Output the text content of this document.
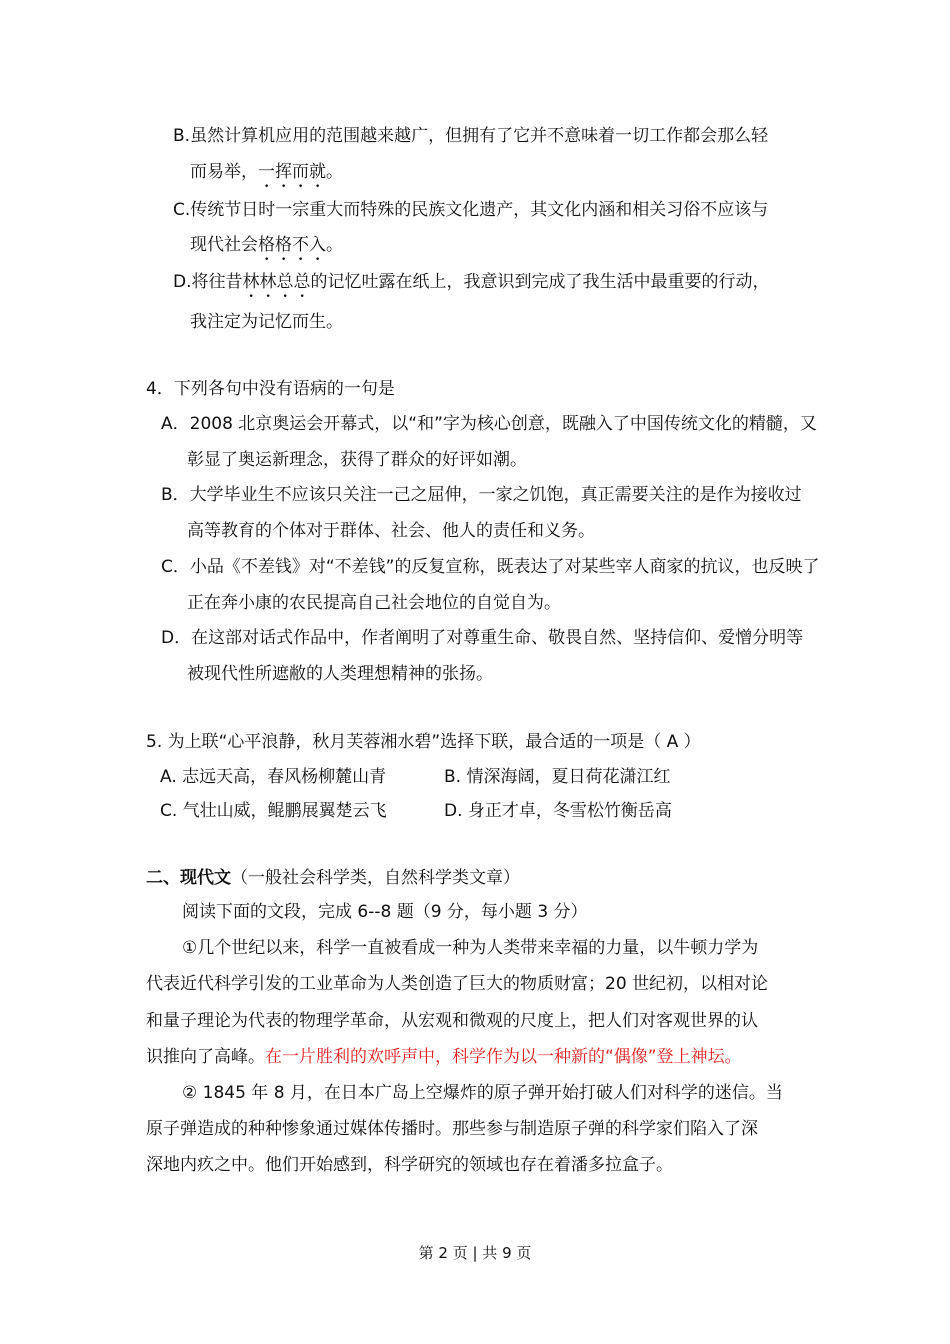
B.虽然计算机应用的范围越来越广，但拥有了它并不意味着一切工作都会那么轻
而易举，一挥而就。
C.传统节日时一宗重大而特殊的民族文化遗产，其文化内涵和相关习俗不应该与
现代社会格格不入。
D.将往昔林林总总的记忆吐露在纸上，我意识到完成了我生活中最重要的行动，
我注定为记忆而生。
4．下列各句中没有语病的一句是
A．2008 北京奥运会开幕式，以“和”字为核心创意，既融入了中国传统文化的精髓，又
彰显了奥运新理念，获得了群众的好评如潮。
B．大学毕业生不应该只关注一己之屈伸，一家之饥饱，真正需要关注的是作为接收过
高等教育的个体对于群体、社会、他人的责任和义务。
C．小品《不差钱》对“不差钱”的反复宣称，既表达了对某些宰人商家的抗议，也反映了
正在奔小康的农民提高自己社会地位的自觉自为。
D．在这部对话式作品中，作者阐明了对尊重生命、敬畏自然、坚持信仰、爱憎分明等
被现代性所遮敝的人类理想精神的张扬。
5. 为上联“心平浪静，秋月芙蓉湘水碧”选择下联，最合适的一项是（ A ）
A. 志远天高，春风杨柳麓山青	B. 情深海阔，夏日荷花潇江红
C. 气壮山威，鲲鹏展翼楚云飞	D. 身正才卓，冬雪松竹衡岳高
二、现代文（一般社会科学类，自然科学类文章）
阅读下面的文段，完成 6--8 题（9 分，每小题 3 分）
①几个世纪以来，科学一直被看成一种为人类带来幸福的力量，以牛顿力学为
代表近代科学引发的工业革命为人类创造了巨大的物质财富；20 世纪初，以相对论
和量子理论为代表的物理学革命，从宏观和微观的尺度上，把人们对客观世界的认
识推向了高峰。在一片胜利的欢呼声中，科学作为以一种新的“偶像”登上神坛。
② 1845 年 8 月，在日本广岛上空爆炸的原子弹开始打破人们对科学的迷信。当
原子弹造成的种种惨象通过媒体传播时。那些参与制造原子弹的科学家们陷入了深
深地内疚之中。他们开始感到，科学研究的领域也存在着潘多拉盒子。
第 2 页 | 共 9 页
